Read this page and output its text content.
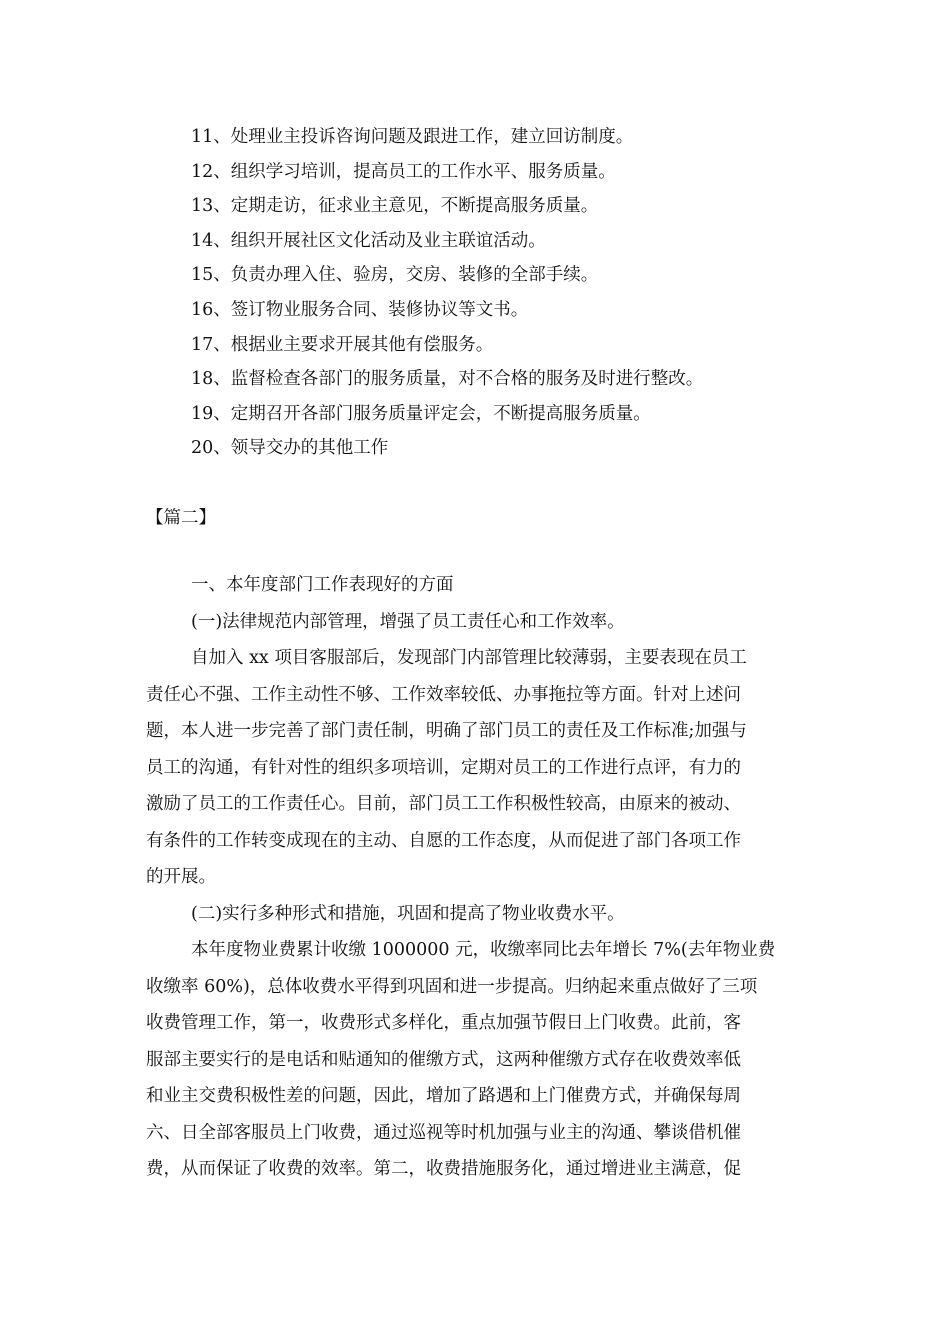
11、处理业主投诉咨询问题及跟进工作，建立回访制度。
12、组织学习培训，提高员工的工作水平、服务质量。
13、定期走访，征求业主意见，不断提高服务质量。
14、组织开展社区文化活动及业主联谊活动。
15、负责办理入住、验房，交房、装修的全部手续。
16、签订物业服务合同、装修协议等文书。
17、根据业主要求开展其他有偿服务。
18、监督检查各部门的服务质量，对不合格的服务及时进行整改。
19、定期召开各部门服务质量评定会，不断提高服务质量。
20、领导交办的其他工作
【篇二】
一、本年度部门工作表现好的方面
(一)法律规范内部管理，增强了员工责任心和工作效率。
自加入 xx 项目客服部后，发现部门内部管理比较薄弱，主要表现在员工
责任心不强、工作主动性不够、工作效率较低、办事拖拉等方面。针对上述问
题，本人进一步完善了部门责任制，明确了部门员工的责任及工作标准;加强与
员工的沟通，有针对性的组织多项培训，定期对员工的工作进行点评，有力的
激励了员工的工作责任心。目前，部门员工工作积极性较高，由原来的被动、
有条件的工作转变成现在的主动、自愿的工作态度，从而促进了部门各项工作
的开展。
(二)实行多种形式和措施，巩固和提高了物业收费水平。
本年度物业费累计收缴 1000000 元，收缴率同比去年增长 7%(去年物业费
收缴率 60%)，总体收费水平得到巩固和进一步提高。归纳起来重点做好了三项
收费管理工作，第一，收费形式多样化，重点加强节假日上门收费。此前，客
服部主要实行的是电话和贴通知的催缴方式，这两种催缴方式存在收费效率低
和业主交费积极性差的问题，因此，增加了路遇和上门催费方式，并确保每周
六、日全部客服员上门收费，通过巡视等时机加强与业主的沟通、攀谈借机催
费，从而保证了收费的效率。第二，收费措施服务化，通过增进业主满意，促
